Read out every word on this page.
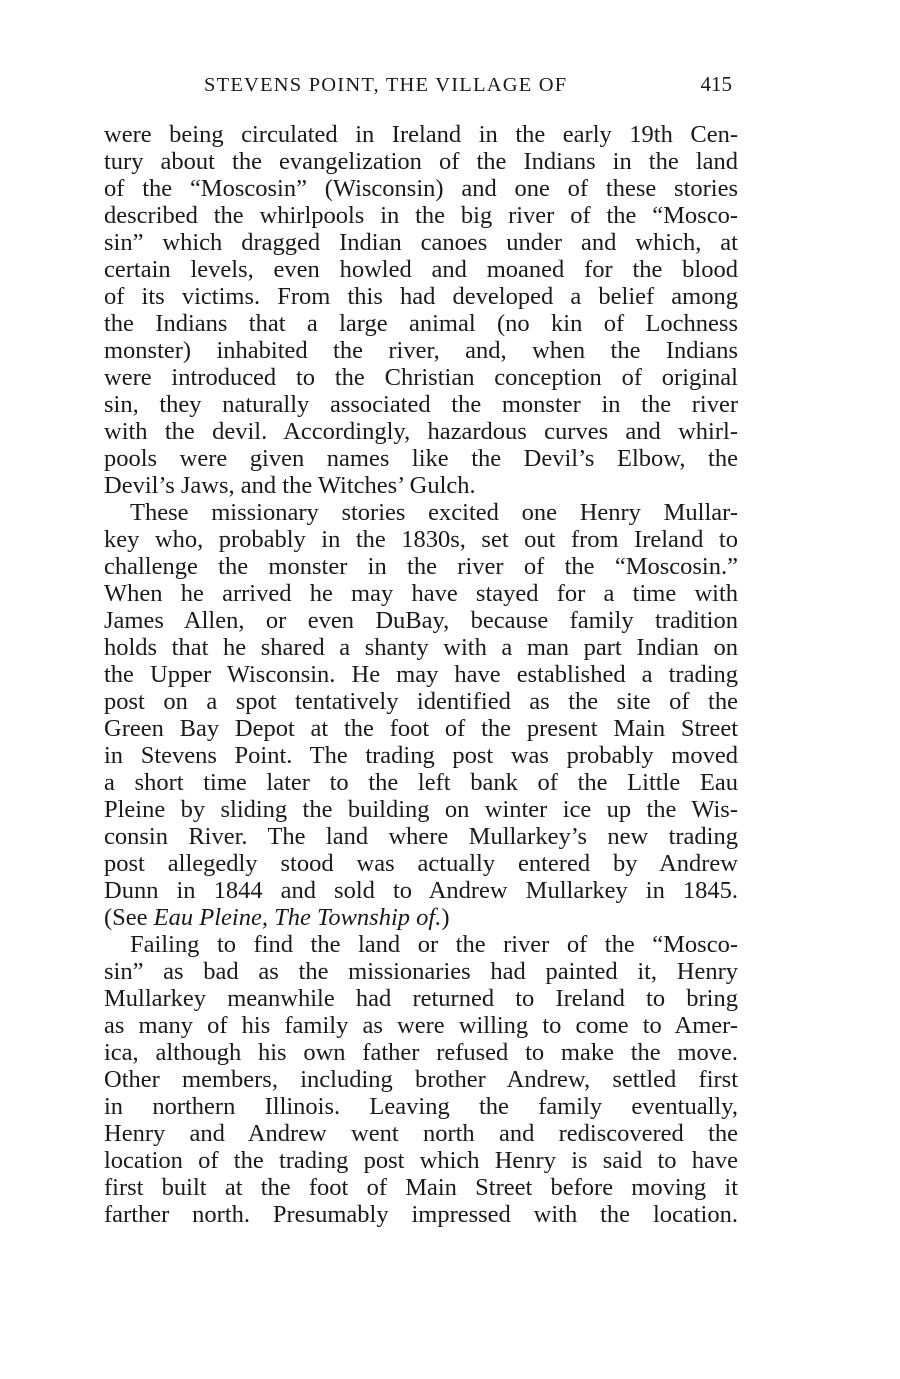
STEVENS POINT, THE VILLAGE OF	415
were being circulated in Ireland in the early 19th Cen-
tury about the evangelization of the Indians in the land
of the “Moscosin” (Wisconsin) and one of these stories
described the whirlpools in the big river of the “Mosco-
sin” which dragged Indian canoes under and which, at
certain levels, even howled and moaned for the blood
of its victims. From this had developed a belief among
the Indians that a large animal (no kin of Lochness
monster) inhabited the river, and, when the Indians
were introduced to the Christian conception of original
sin, they naturally associated the monster in the river
with the devil. Accordingly, hazardous curves and whirl-
pools were given names like the Devil’s Elbow, the
Devil’s Jaws, and the Witches’ Gulch.
These missionary stories excited one Henry Mullar-
key who, probably in the 1830s, set out from Ireland to
challenge the monster in the river of the “Moscosin.”
When he arrived he may have stayed for a time with
James Allen, or even DuBay, because family tradition
holds that he shared a shanty with a man part Indian on
the Upper Wisconsin. He may have established a trading
post on a spot tentatively identified as the site of the
Green Bay Depot at the foot of the present Main Street
in Stevens Point. The trading post was probably moved
a short time later to the left bank of the Little Eau
Pleine by sliding the building on winter ice up the Wis-
consin River. The land where Mullarkey’s new trading
post allegedly stood was actually entered by Andrew
Dunn in 1844 and sold to Andrew Mullarkey in 1845.
(See Eau Pleine, The Township of.)
Failing to find the land or the river of the “Mosco-
sin” as bad as the missionaries had painted it, Henry
Mullarkey meanwhile had returned to Ireland to bring
as many of his family as were willing to come to Amer-
ica, although his own father refused to make the move.
Other members, including brother Andrew, settled first
in northern Illinois. Leaving the family eventually,
Henry and Andrew went north and rediscovered the
location of the trading post which Henry is said to have
first built at the foot of Main Street before moving it
farther north. Presumably impressed with the location.
